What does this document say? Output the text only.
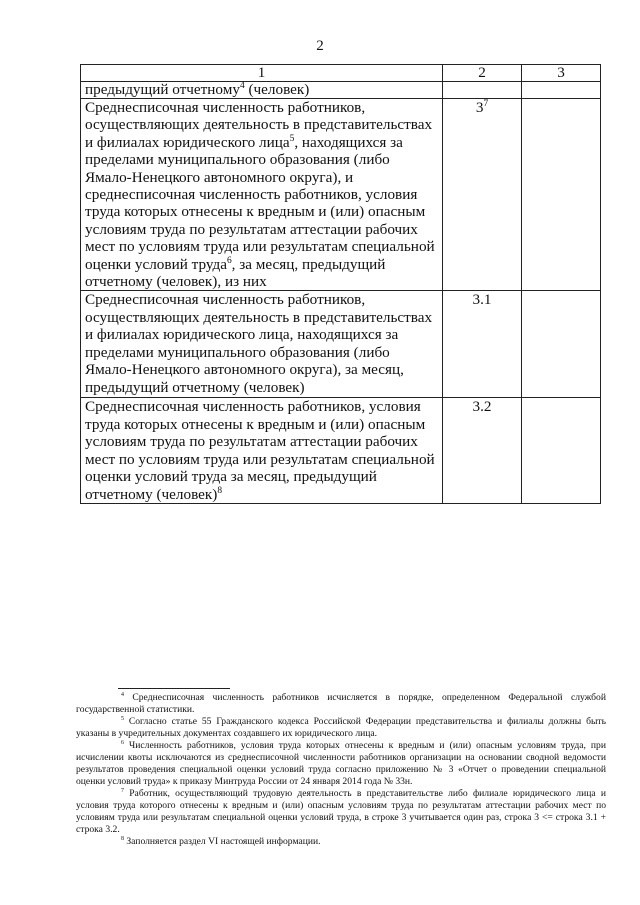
2
1	2	3
предыдущий отчетному$^4$ (человек)		
Среднесписочная численность работников, осуществляющих деятельность в представительствах и филиалах юридического лица$^5$, находящихся за пределами муниципального образования (либо Ямало-Ненецкого автономного округа), и среднесписочная численность работников, условия труда которых отнесены к вредным и (или) опасным условиям труда по результатам аттестации рабочих мест по условиям труда или результатам специальной оценки условий труда$^6$, за месяц, предыдущий отчетному (человек), из них	$3^7$	
Среднесписочная численность работников, осуществляющих деятельность в представительствах и филиалах юридического лица, находящихся за пределами муниципального образования (либо Ямало-Ненецкого автономного округа), за месяц, предыдущий отчетному (человек)	3.1	
Среднесписочная численность работников, условия труда которых отнесены к вредным и (или) опасным условиям труда по результатам аттестации рабочих мест по условиям труда или результатам специальной оценки условий труда за месяц, предыдущий отчетному (человек)$^8$	3.2	

$^4$ Среднесписочная численность работников исчисляется в порядке, определенном Федеральной службой государственной статистики.

$^5$ Согласно статье 55 Гражданского кодекса Российской Федерации представительства и филиалы должны быть указаны в учредительных документах создавшего их юридического лица.

$^6$ Численность работников, условия труда которых отнесены к вредным и (или) опасным условиям труда, при исчислении квоты исключаются из среднесписочной численности работников организации на основании сводной ведомости результатов проведения специальной оценки условий труда согласно приложению № 3 «Отчет о проведении специальной оценки условий труда» к приказу Минтруда России от 24 января 2014 года № 33н.

$^7$ Работник, осуществляющий трудовую деятельность в представительстве либо филиале юридического лица и условия труда которого отнесены к вредным и (или) опасным условиям труда по результатам аттестации рабочих мест по условиям труда или результатам специальной оценки условий труда, в строке 3 учитывается один раз, строка 3 <= строка 3.1 + строка 3.2.

$^8$ Заполняется раздел VI настоящей информации.
